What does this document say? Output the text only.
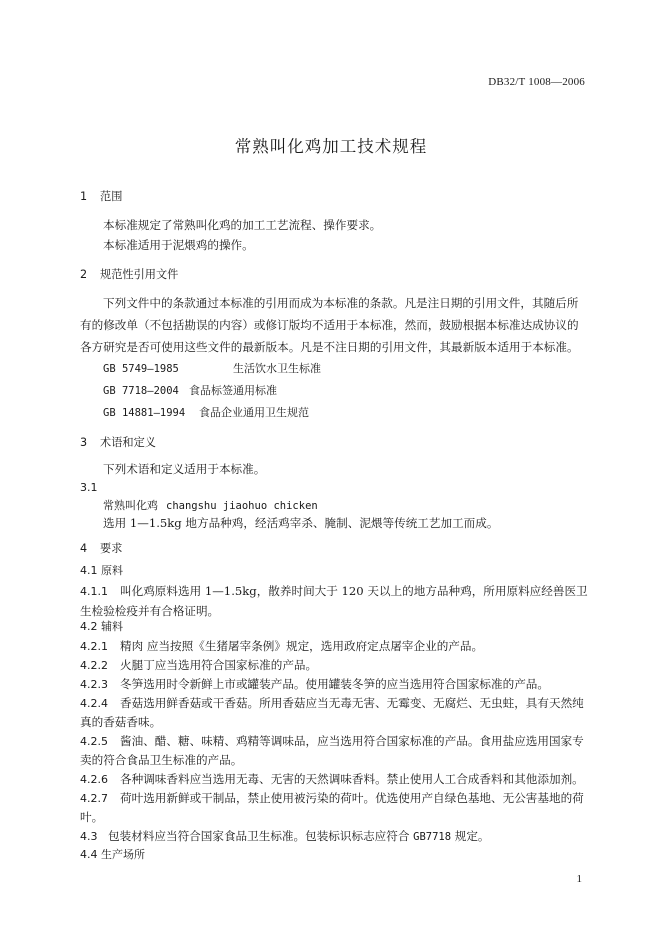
DB32/T 1008—2006
常熟叫化鸡加工技术规程
1 范围
本标准规定了常熟叫化鸡的加工工艺流程、操作要求。
本标准适用于泥煨鸡的操作。
2 规范性引用文件
下列文件中的条款通过本标准的引用而成为本标准的条款。凡是注日期的引用文件，其随后所
有的修改单（不包括勘误的内容）或修订版均不适用于本标准，然而，鼓励根据本标准达成协议的
各方研究是否可使用这些文件的最新版本。凡是不注日期的引用文件，其最新版本适用于本标准。
GB 5749—1985	生活饮水卫生标准
GB 7718—2004 食品标签通用标准
GB 14881—1994 食品企业通用卫生规范
3 术语和定义
下列术语和定义适用于本标准。
3.1
常熟叫化鸡 changshu jiaohuo chicken
选用 1—1.5kg 地方品种鸡，经活鸡宰杀、腌制、泥煨等传统工艺加工而成。
4 要求
4.1 原料
4.1.1 叫化鸡原料选用 1—1.5kg，散养时间大于 120 天以上的地方品种鸡，所用原料应经兽医卫
生检验检疫并有合格证明。
4.2 辅料
4.2.1 精肉 应当按照《生猪屠宰条例》规定，选用政府定点屠宰企业的产品。
4.2.2 火腿丁应当选用符合国家标准的产品。
4.2.3 冬笋选用时令新鲜上市或罐装产品。使用罐装冬笋的应当选用符合国家标准的产品。
4.2.4 香菇选用鲜香菇或干香菇。所用香菇应当无毒无害、无霉变、无腐烂、无虫蛀，具有天然纯
真的香菇香味。
4.2.5 酱油、醋、糖、味精、鸡精等调味品，应当选用符合国家标准的产品。食用盐应选用国家专
卖的符合食品卫生标准的产品。
4.2.6 各种调味香料应当选用无毒、无害的天然调味香料。禁止使用人工合成香料和其他添加剂。
4.2.7 荷叶选用新鲜或干制品，禁止使用被污染的荷叶。优选使用产自绿色基地、无公害基地的荷
叶。
4.3 包装材料应当符合国家食品卫生标准。包装标识标志应符合 GB7718 规定。
4.4 生产场所
1
